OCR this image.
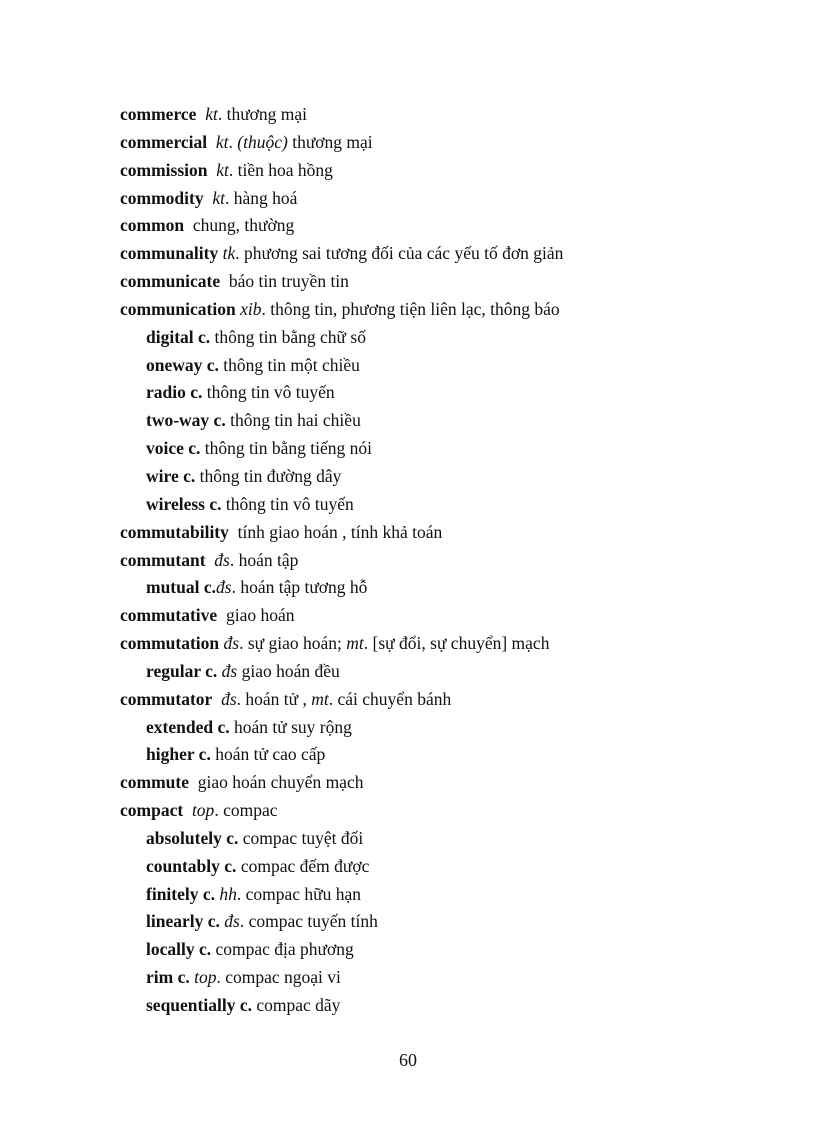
commerce kt. thương mại
commercial kt. (thuộc) thương mại
commission kt. tiền hoa hồng
commodity kt. hàng hoá
common  chung, thường
communality tk. phương sai tương đối của các yếu tố đơn giản
communicate  báo tin truyền tin
communication xib. thông tin, phương tiện liên lạc, thông báo
digital c. thông tin bằng chữ số
oneway c. thông tin một chiều
radio c. thông tin vô tuyến
two-way c. thông tin hai chiều
voice c. thông tin bằng tiếng nói
wire c. thông tin đường dây
wireless c. thông tin vô tuyến
commutability  tính giao hoán , tính khả toán
commutant đs. hoán tập
mutual c.đs. hoán tập tương hỗ
commutative  giao hoán
commutation đs. sự giao hoán; mt. [sự đổi, sự chuyển] mạch
regular c. đs giao hoán đều
commutator đs. hoán tử , mt. cái chuyển bánh
extended c. hoán tử suy rộng
higher c. hoán tử cao cấp
commute  giao hoán chuyển mạch
compact top. compac
absolutely c. compac tuyệt đối
countably c. compac đếm được
finitely c. hh. compac hữu hạn
linearly c. đs. compac tuyến tính
locally c. compac địa phương
rim c. top. compac ngoại vi
sequentially c. compac dãy
60
